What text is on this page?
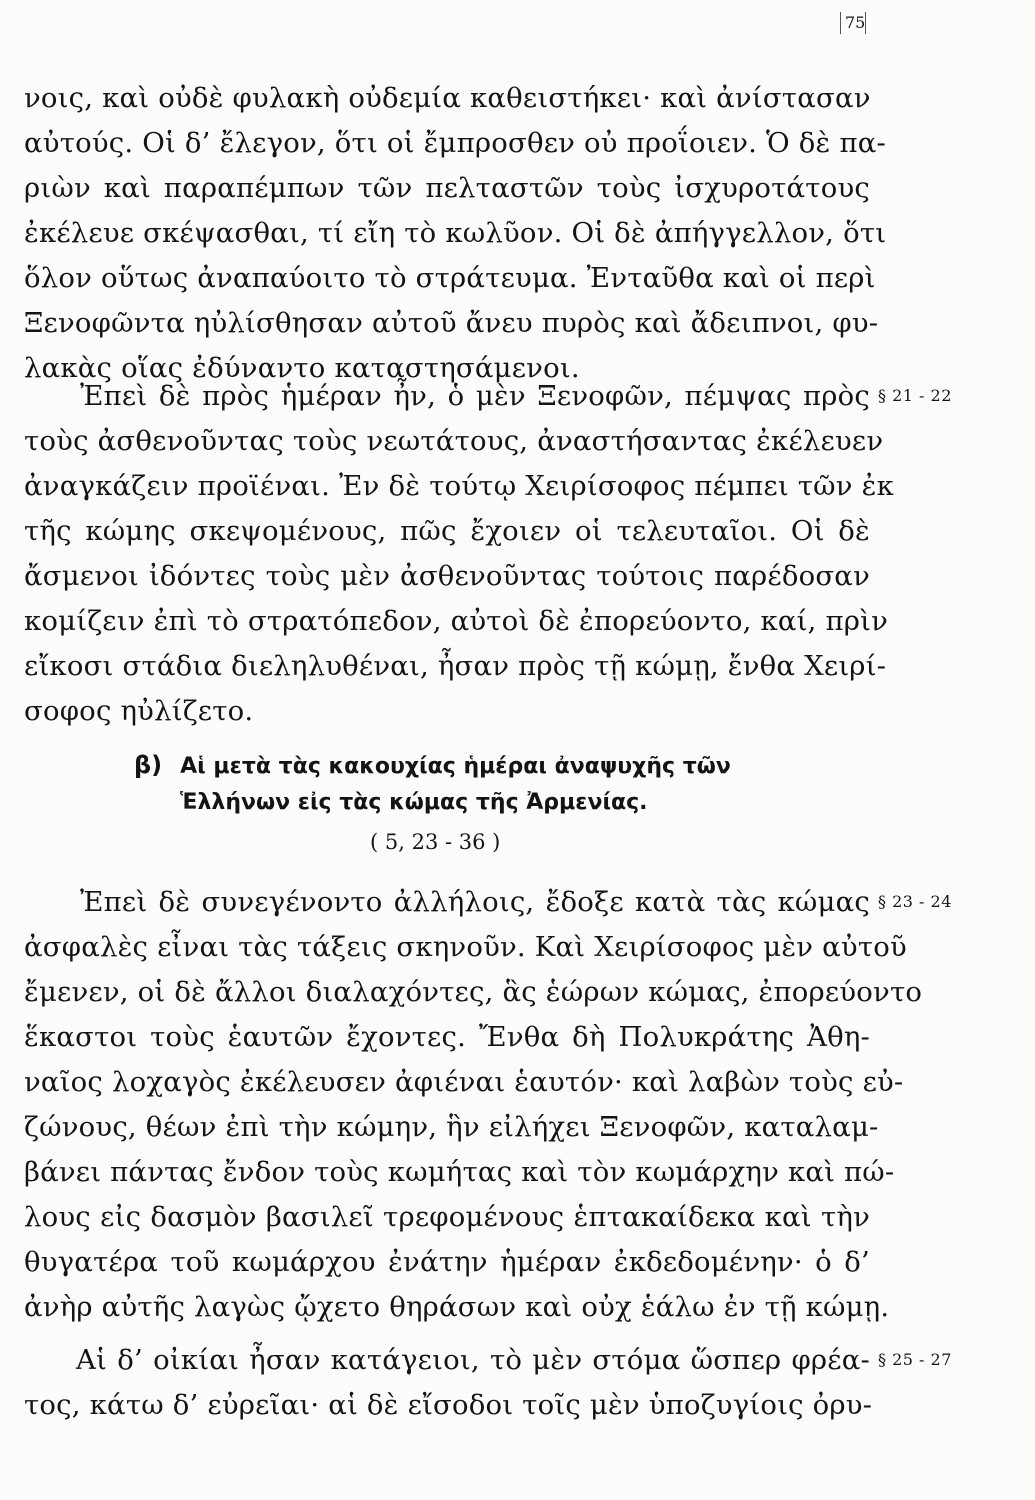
75
νοις, καὶ οὐδὲ φυλακὴ οὐδεμία καθειστήκει· καὶ ἀνίστασαν
αὐτούς. Οἱ δ’ ἔλεγον, ὅτι οἱ ἔμπροσθεν οὐ προΐοιεν. Ὁ δὲ πα-
ριὼν καὶ παραπέμπων τῶν πελταστῶν τοὺς ἰσχυροτάτους
ἐκέλευε σκέψασθαι, τί εἴη τὸ κωλῦον. Οἱ δὲ ἀπήγγελλον, ὅτι
ὅλον οὕτως ἀναπαύοιτο τὸ στράτευμα. Ἐνταῦθα καὶ οἱ περὶ
Ξενοφῶντα ηὐλίσθησαν αὐτοῦ ἄνευ πυρὸς καὶ ἄδειπνοι, φυ-
λακὰς οἵας ἐδύναντο καταστησάμενοι.
Ἐπεὶ δὲ πρὸς ἡμέραν ἦν, ὁ μὲν Ξενοφῶν, πέμψας πρὸς
τοὺς ἀσθενοῦντας τοὺς νεωτάτους, ἀναστήσαντας ἐκέλευεν
ἀναγκάζειν προϊέναι. Ἐν δὲ τούτῳ Χειρίσοφος πέμπει τῶν ἐκ
τῆς κώμης σκεψομένους, πῶς ἔχοιεν οἱ τελευταῖοι. Οἱ δὲ
ἄσμενοι ἰδόντες τοὺς μὲν ἀσθενοῦντας τούτοις παρέδοσαν
κομίζειν ἐπὶ τὸ στρατόπεδον, αὐτοὶ δὲ ἐπορεύοντο, καί, πρὶν
εἴκοσι στάδια διεληλυθέναι, ἦσαν πρὸς τῇ κώμῃ, ἔνθα Χειρί-
σοφος ηὐλίζετο.
§ 21 - 22
β) Αἱ μετὰ τὰς κακουχίας ἡμέραι ἀναψυχῆς τῶν
Ἑλλήνων εἰς τὰς κώμας τῆς Ἀρμενίας.
( 5, 23 - 36 )
Ἐπεὶ δὲ συνεγένοντο ἀλλήλοις, ἔδοξε κατὰ τὰς κώμας
ἀσφαλὲς εἶναι τὰς τάξεις σκηνοῦν. Καὶ Χειρίσοφος μὲν αὐτοῦ
ἔμενεν, οἱ δὲ ἄλλοι διαλαχόντες, ἃς ἑώρων κώμας, ἐπορεύοντο
ἕκαστοι τοὺς ἑαυτῶν ἔχοντες. Ἔνθα δὴ Πολυκράτης Ἀθη-
ναῖος λοχαγὸς ἐκέλευσεν ἀφιέναι ἑαυτόν· καὶ λαβὼν τοὺς εὐ-
ζώνους, θέων ἐπὶ τὴν κώμην, ἣν εἰλήχει Ξενοφῶν, καταλαμ-
βάνει πάντας ἔνδον τοὺς κωμήτας καὶ τὸν κωμάρχην καὶ πώ-
λους εἰς δασμὸν βασιλεῖ τρεφομένους ἑπτακαίδεκα καὶ τὴν
θυγατέρα τοῦ κωμάρχου ἐνάτην ἡμέραν ἐκδεδομένην· ὁ δ’
ἀνὴρ αὐτῆς λαγὼς ᾤχετο θηράσων καὶ οὐχ ἑάλω ἐν τῇ κώμῃ.
§ 23 - 24
Αἱ δ’ οἰκίαι ἦσαν κατάγειοι, τὸ μὲν στόμα ὥσπερ φρέα-
τος, κάτω δ’ εὐρεῖαι· αἱ δὲ εἴσοδοι τοῖς μὲν ὑποζυγίοις ὀρυ-
§ 25 - 27
